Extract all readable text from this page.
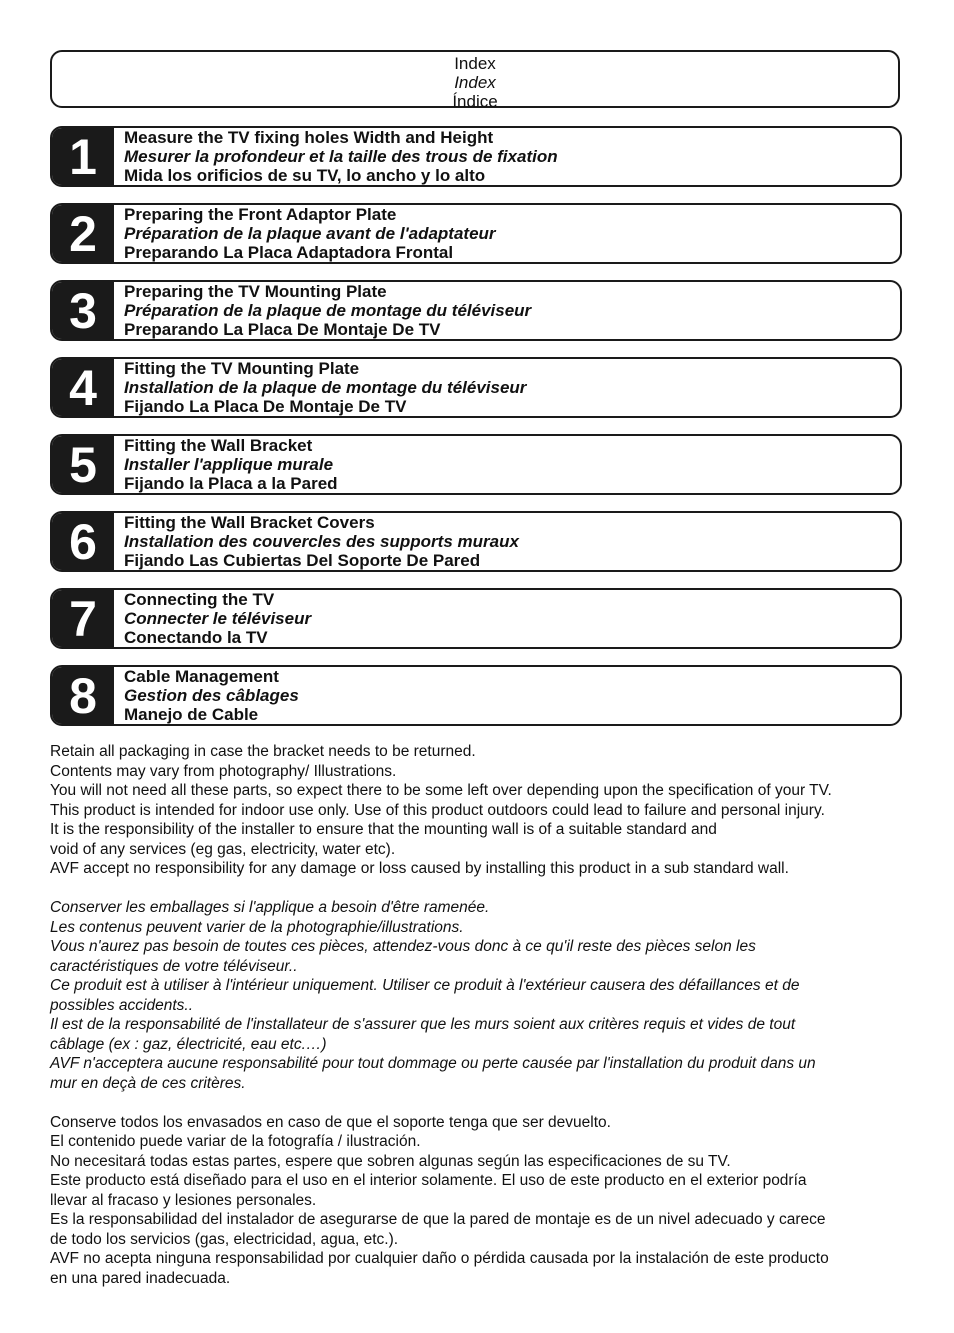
Index
Index
Índice
1	Measure the TV fixing holes Width and Height
Mesurer la profondeur et la taille des trous de fixation
Mida los orificios de su TV, lo ancho y lo alto
2	Preparing the Front Adaptor Plate
Préparation de la plaque avant de l'adaptateur
Preparando La Placa Adaptadora Frontal
3	Preparing the TV Mounting Plate
Préparation de la plaque de montage du téléviseur
Preparando La Placa De Montaje De TV
4	Fitting the TV Mounting Plate
Installation de la plaque de montage du téléviseur
Fijando La Placa De Montaje De TV
5	Fitting the Wall Bracket
Installer l'applique murale
Fijando la Placa a la Pared
6	Fitting the Wall Bracket Covers
Installation des couvercles des supports muraux
Fijando Las Cubiertas Del Soporte De Pared
7	Connecting the TV
Connecter le téléviseur
Conectando la TV
8	Cable Management
Gestion des câblages
Manejo de Cable

Retain all packaging in case the bracket needs to be returned.

Contents may vary from photography/ Illustrations.

You will not need all these parts, so expect there to be some left over depending upon the specification of your TV.

This product is intended for indoor use only. Use of this product outdoors could lead to failure and personal injury.

It is the responsibility of the installer to ensure that the mounting wall is of a suitable standard and

void of any services (eg gas, electricity, water etc).

AVF accept no responsibility for any damage or loss caused by installing this product in a sub standard wall.

Conserver les emballages si l'applique a besoin d'être ramenée.

Les contenus peuvent varier de la photographie/illustrations.

Vous n'aurez pas besoin de toutes ces pièces, attendez-vous donc à ce qu'il reste des pièces selon les

caractéristiques de votre téléviseur..

Ce produit est à utiliser à l'intérieur uniquement. Utiliser ce produit à l'extérieur causera des défaillances et de

possibles accidents..

Il est de la responsabilité de l'installateur de s'assurer que les murs soient aux critères requis et vides de tout

câblage (ex : gaz, électricité, eau etc.…)

AVF n'acceptera aucune responsabilité pour tout dommage ou perte causée par l'installation du produit dans un

mur en deçà de ces critères.

Conserve todos los envasados en caso de que el soporte tenga que ser devuelto.

El contenido puede variar de la fotografía / ilustración.

No necesitará todas estas partes, espere que sobren algunas según las especificaciones de su TV.

Este producto está diseñado para el uso en el interior solamente. El uso de este producto en el exterior podría

llevar al fracaso y lesiones personales.

Es la responsabilidad del instalador de asegurarse de que la pared de montaje es de un nivel adecuado y carece

de todo los servicios (gas, electricidad, agua, etc.).

AVF no acepta ninguna responsabilidad por cualquier daño o pérdida causada por la instalación de este producto

en una pared inadecuada.
